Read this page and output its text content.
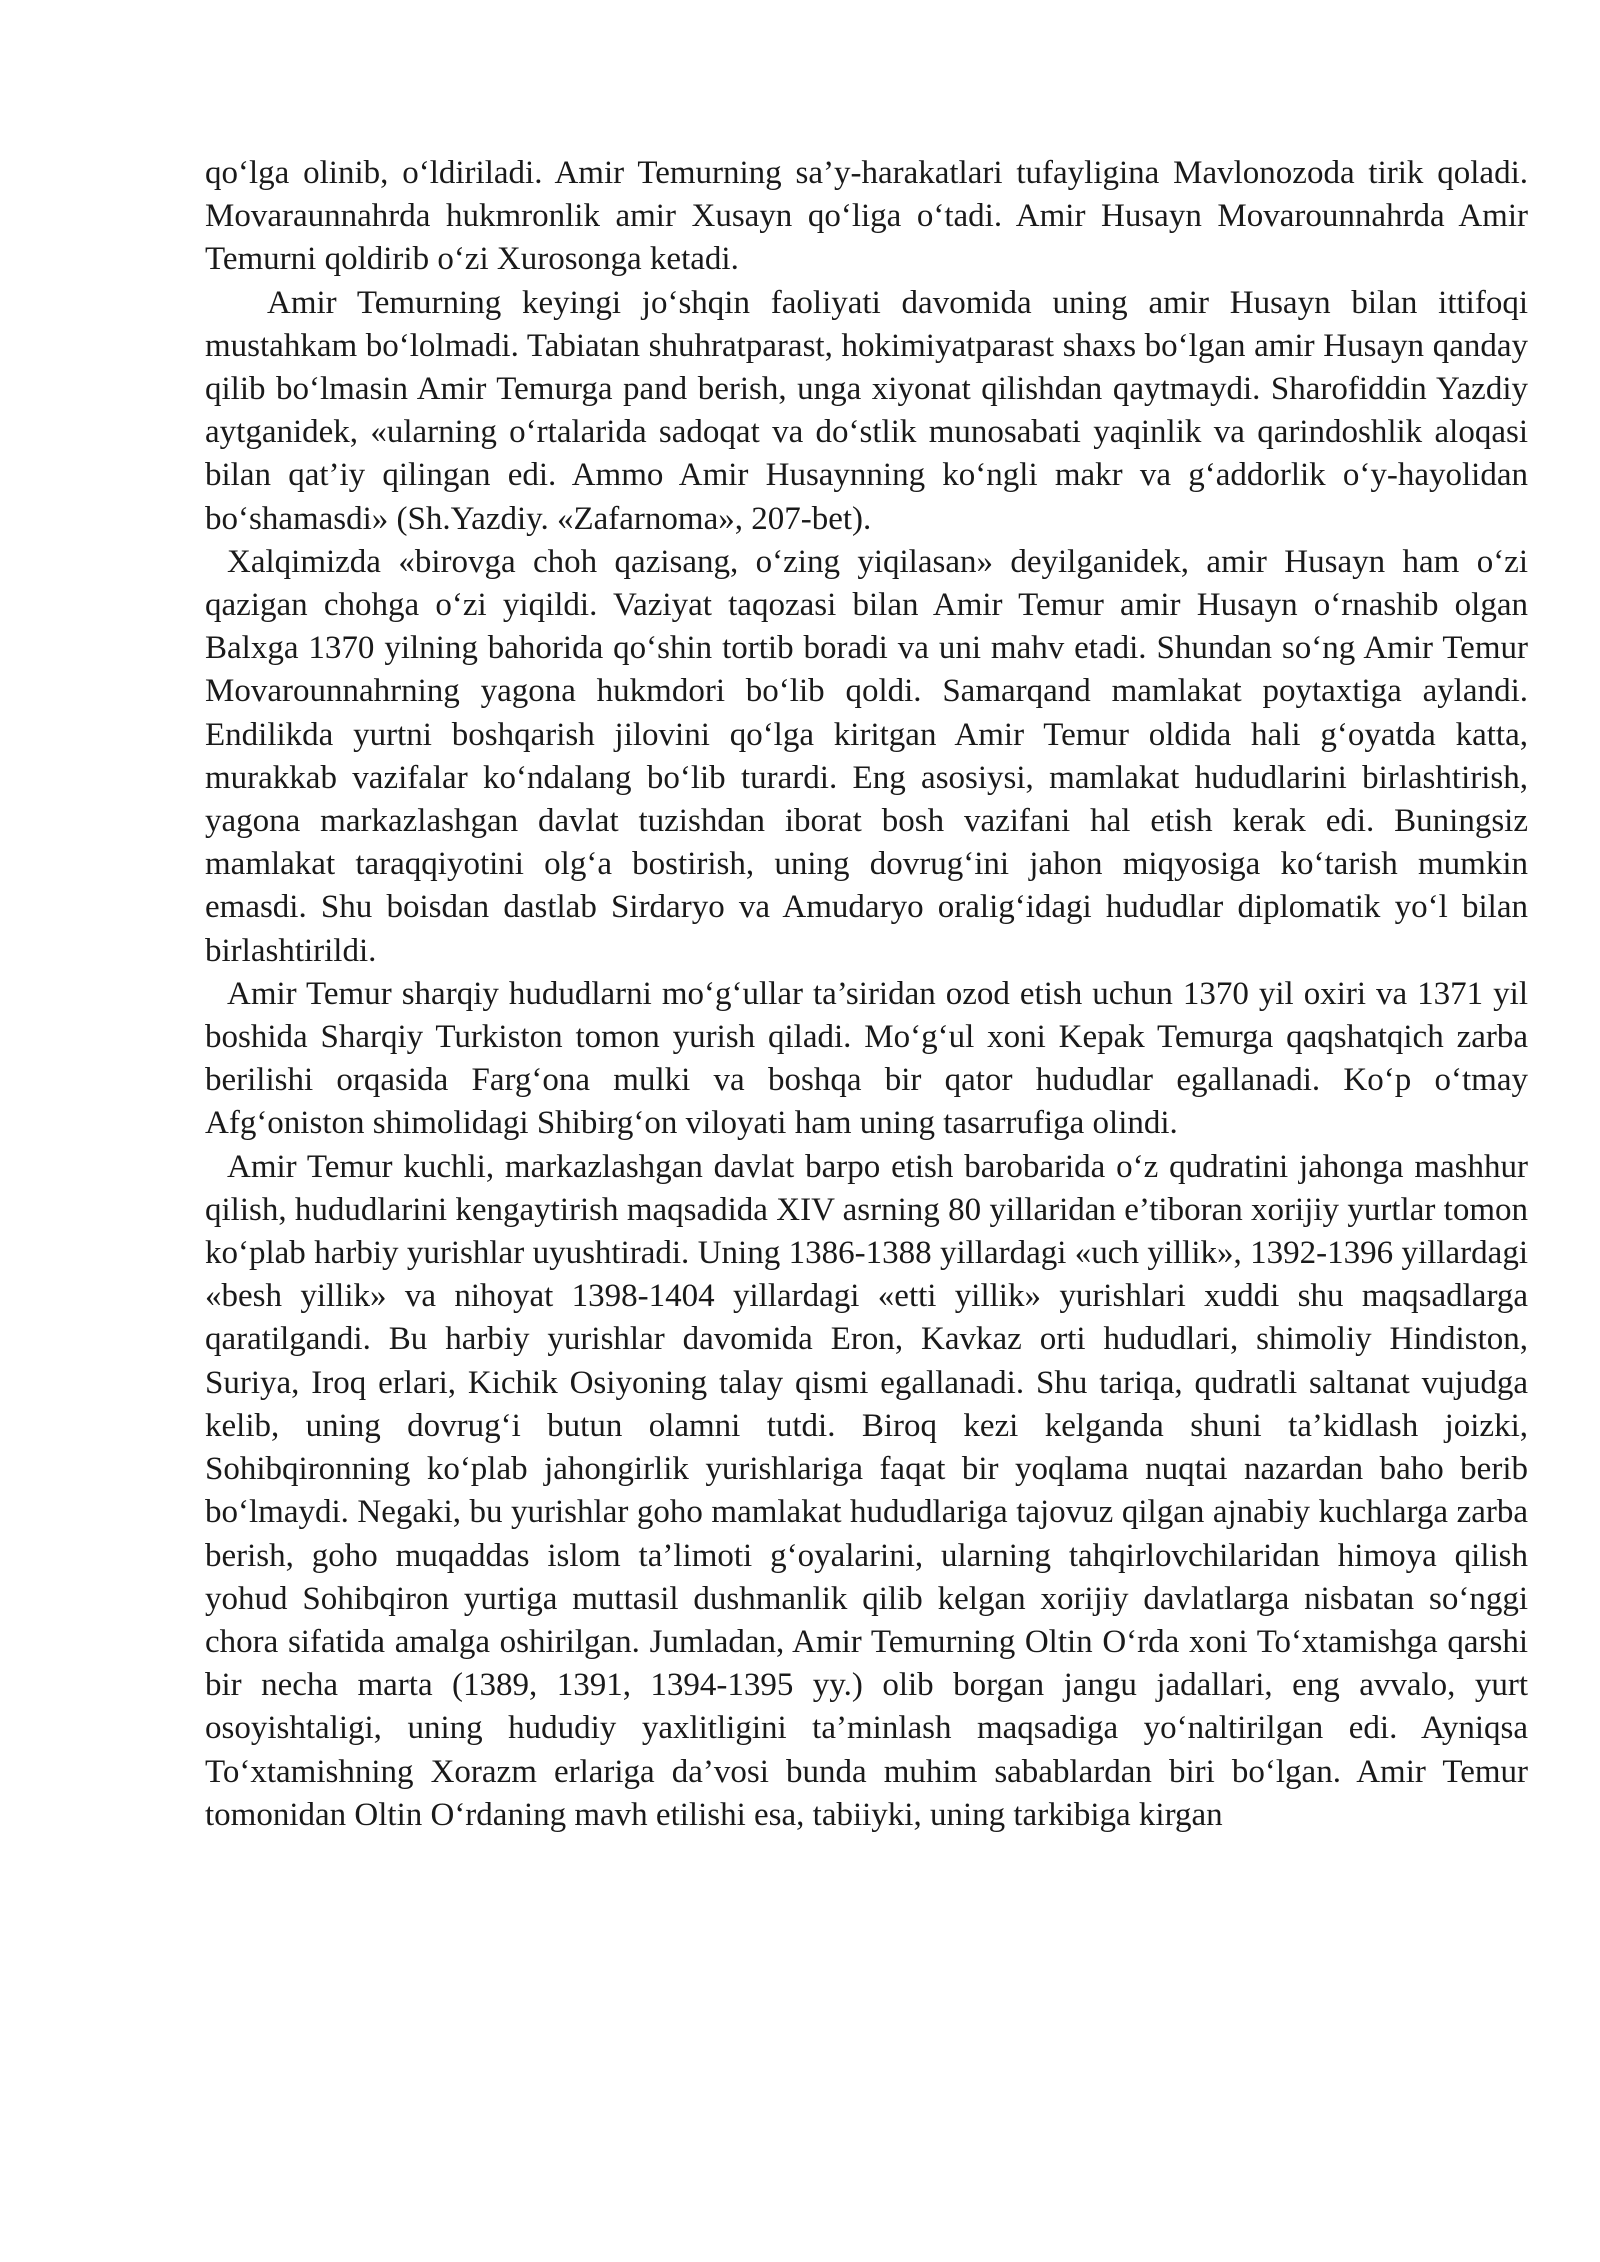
qo‘lga olinib, o‘ldiriladi. Amir Temurning sa’y-harakatlari tufayligina Mavlonozoda tirik qoladi. Movaraunnahrda hukmronlik amir Xusayn qo‘liga o‘tadi. Amir Husayn Movarounnahrda Amir Temurni qoldirib o‘zi Xurosonga ketadi.

Amir Temurning keyingi jo‘shqin faoliyati davomida uning amir Husayn bilan ittifoqi mustahkam bo‘lolmadi. Tabiatan shuhratparast, hokimiyatparast shaxs bo‘lgan amir Husayn qanday qilib bo‘lmasin Amir Temurga pand berish, unga xiyonat qilishdan qaytmaydi. Sharofiddin Yazdiy aytganidek, «ularning o‘rtalarida sadoqat va do‘stlik munosabati yaqinlik va qarindoshlik aloqasi bilan qat’iy qilingan edi. Ammo Amir Husaynning ko‘ngli makr va g‘addorlik o‘y-hayolidan bo‘shamasdi» (Sh.Yazdiy. «Zafarnoma», 207-bet).

Xalqimizda «birovga choh qazisang, o‘zing yiqilasan» deyilganidek, amir Husayn ham o‘zi qazigan chohga o‘zi yiqildi. Vaziyat taqozasi bilan Amir Temur amir Husayn o‘rnashib olgan Balxga 1370 yilning bahorida qo‘shin tortib boradi va uni mahv etadi. Shundan so‘ng Amir Temur Movarounnahrning yagona hukmdori bo‘lib qoldi. Samarqand mamlakat poytaxtiga aylandi. Endilikda yurtni boshqarish jilovini qo‘lga kiritgan Amir Temur oldida hali g‘oyatda katta, murakkab vazifalar ko‘ndalang bo‘lib turardi. Eng asosiysi, mamlakat hududlarini birlashtirish, yagona markazlashgan davlat tuzishdan iborat bosh vazifani hal etish kerak edi. Buningsiz mamlakat taraqqiyotini olg‘a bostirish, uning dovrug‘ini jahon miqyosiga ko‘tarish mumkin emasdi. Shu boisdan dastlab Sirdaryo va Amudaryo oralig‘idagi hududlar diplomatik yo‘l bilan birlashtirildi.

Amir Temur sharqiy hududlarni mo‘g‘ullar ta’siridan ozod etish uchun 1370 yil oxiri va 1371 yil boshida Sharqiy Turkiston tomon yurish qiladi. Mo‘g‘ul xoni Kepak Temurga qaqshatqich zarba berilishi orqasida Farg‘ona mulki va boshqa bir qator hududlar egallanadi. Ko‘p o‘tmay Afg‘oniston shimolidagi Shibirg‘on viloyati ham uning tasarrufiga olindi.

Amir Temur kuchli, markazlashgan davlat barpo etish barobarida o‘z qudratini jahonga mashhur qilish, hududlarini kengaytirish maqsadida XIV asrning 80 yillaridan e’tiboran xorijiy yurtlar tomon ko‘plab harbiy yurishlar uyushtiradi. Uning 1386-1388 yillardagi «uch yillik», 1392-1396 yillardagi «besh yillik» va nihoyat 1398-1404 yillardagi «etti yillik» yurishlari xuddi shu maqsadlarga qaratilgandi. Bu harbiy yurishlar davomida Eron, Kavkaz orti hududlari, shimoliy Hindiston, Suriya, Iroq erlari, Kichik Osiyoning talay qismi egallanadi. Shu tariqa, qudratli saltanat vujudga kelib, uning dovrug‘i butun olamni tutdi. Biroq kezi kelganda shuni ta’kidlash joizki, Sohibqironning ko‘plab jahongirlik yurishlariga faqat bir yoqlama nuqtai nazardan baho berib bo‘lmaydi. Negaki, bu yurishlar goho mamlakat hududlariga tajovuz qilgan ajnabiy kuchlarga zarba berish, goho muqaddas islom ta’limoti g‘oyalarini, ularning tahqirlovchilaridan himoya qilish yohud Sohibqiron yurtiga muttasil dushmanlik qilib kelgan xorijiy davlatlarga nisbatan so‘nggi chora sifatida amalga oshirilgan. Jumladan, Amir Temurning Oltin O‘rda xoni To‘xtamishga qarshi bir necha marta (1389, 1391, 1394-1395 yy.) olib borgan jangu jadallari, eng avvalo, yurt osoyishtaligi, uning hududiy yaxlitligini ta’minlash maqsadiga yo‘naltirilgan edi. Ayniqsa To‘xtamishning Xorazm erlariga da’vosi bunda muhim sabablardan biri bo‘lgan. Amir Temur tomonidan Oltin O‘rdaning mavh etilishi esa, tabiiyki, uning tarkibiga kirgan
